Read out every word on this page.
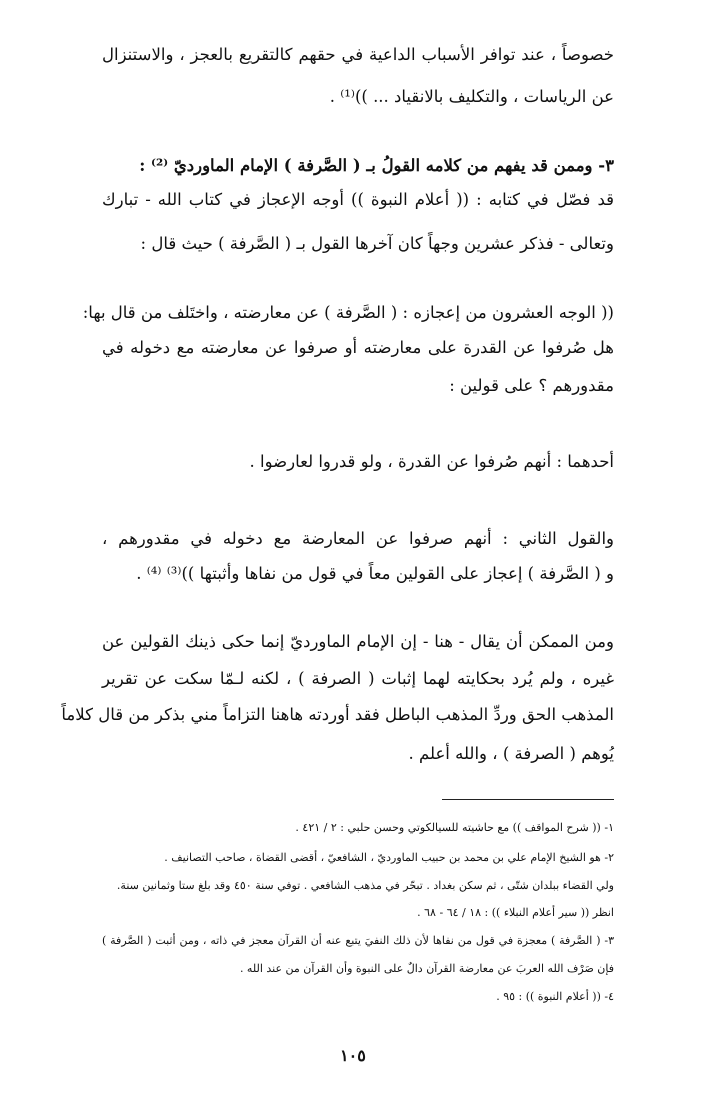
خصوصاً ، عند توافر الأسباب الداعية في حقهم كالتقريع بالعجز ، والاستنزال
عن الرياسات ، والتكليف بالانقياد ... ))⁽¹⁾ .
٣- وممن قد يفهم من كلامه القولُ بـ ( الصَّرفة ) الإمام الماورديّ ⁽²⁾ :
قد فصّل في كتابه : (( أعلام النبوة )) أوجه الإعجاز في كتاب الله - تبارك
وتعالى - فذكر عشرين وجهاً كان آخرها القول بـ ( الصَّرفة ) حيث قال :
(( الوجه العشرون من إعجازه : ( الصَّرفة ) عن معارضته ، واختَلف من قال بها:
هل صُرفوا عن القدرة على معارضته أو صرفوا عن معارضته مع دخوله في
مقدورهم ؟ على قولين :
أحدهما : أنهم صُرفوا عن القدرة ، ولو قدروا لعارضوا .
والقول الثاني : أنهم صرفوا عن المعارضة مع دخوله في مقدورهم ،
و ( الصَّرفة ) إعجاز على القولين معاً في قول من نفاها وأثبتها ))⁽³⁾ ⁽⁴⁾ .
ومن الممكن أن يقال - هنا - إن الإمام الماورديّ إنما حكى ذينك القولين عن
غيره ، ولم يُرد بحكايته لهما إثبات ( الصرفة ) ، لكنه لـمّا سكت عن تقرير
المذهب الحق وردِّ المذهب الباطل فقد أوردته هاهنا التزاماً مني بذكر من قال كلاماً
يُوهم ( الصرفة ) ، والله أعلم .
١- (( شرح المواقف )) مع حاشيته للسيالكوتي وحسن حلبي : ٢ / ٤٢١ .
٢- هو الشيخ الإمام علي بن محمد بن حبيب الماورديّ ، الشافعيّ ، أقضى القضاة ، صاحب التصانيف .
ولي القضاء ببلدان شتّى ، ثم سكن بغداد . تبحّر في مذهب الشافعي . توفي سنة ٤٥٠ وقد بلغ ستا وثمانين سنة.
انظر (( سير أعلام النبلاء )) : ١٨ / ٦٤ - ٦٨ .
٣- ( الصَّرفة ) معجزة في قول من نفاها لأن ذلك النفيَ يتبع عنه أن القرآن معجز في ذاته ، ومن أثبت ( الصَّرفة )
فإن صَرْف الله العربَ عن معارضة القرآن دالٌ على النبوة وأن القرآن من عند الله .
٤- (( أعلام النبوة )) : ٩٥ .
١٠٥
